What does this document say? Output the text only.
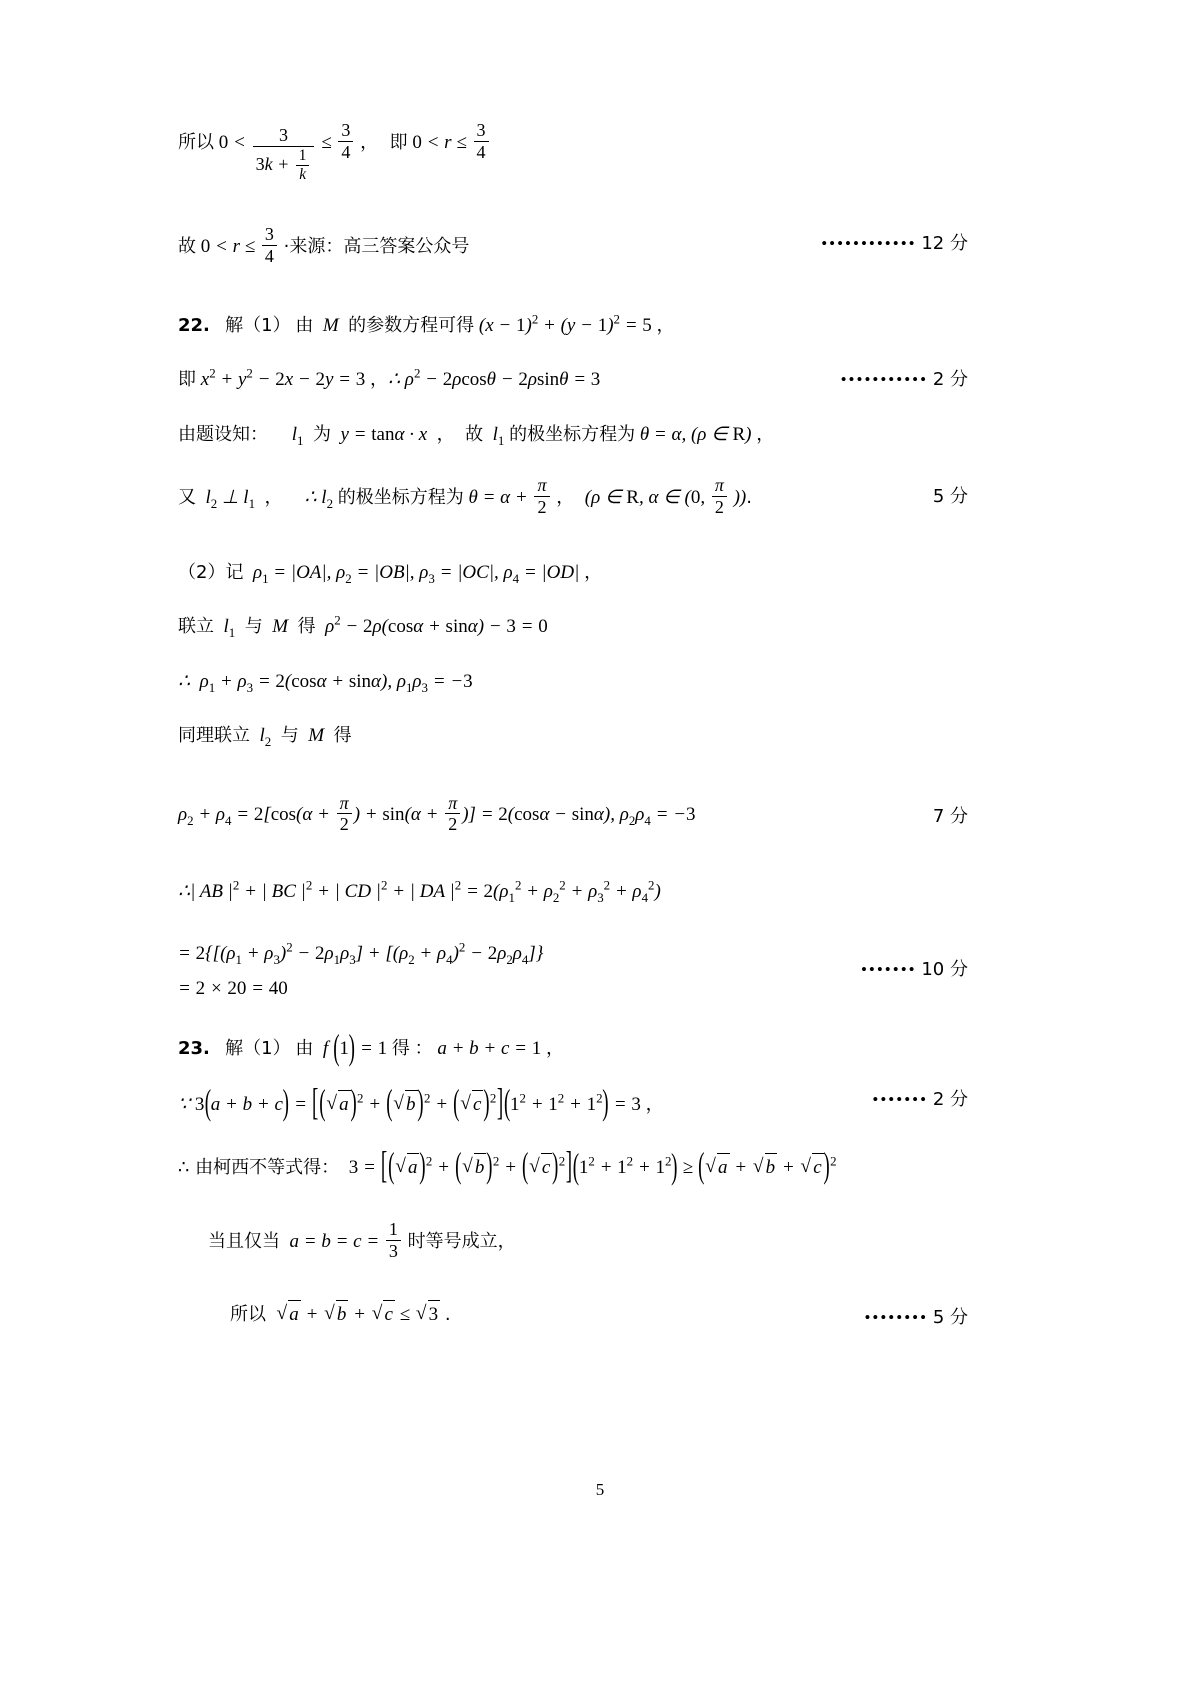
所以 $0 < \frac{3}{3k + \frac{1}{k}} \le \frac{3}{4}$ ，  即 $0 < r \le \frac{3}{4}$
故 $0 < r \le \frac{3}{4}$ ·来源：高三答案公众号	•••••••••••• 12 分
22. 解（1） 由  M  的参数方程可得 $(x - 1)^2 + (y - 1)^2 = 5$ ，
即 $x^2 + y^2 - 2x - 2y = 3$ ，∴ $\rho^2 - 2\rho\cos\theta - 2\rho\sin\theta = 3$	••••••••••• 2 分
由题设知：     $l_1$ 为  y = tanα · x  ，  故  $l_1$ 的极坐标方程为 θ = α, (ρ ∈ R) ，
又  $l_2$ ⊥ $l_1$ ，    ∴ $l_2$ 的极坐标方程为 $\theta = \alpha + \frac{\pi}{2}$ ，  (ρ ∈ R, α ∈ (0, $\frac{\pi}{2}$ )).	5 分
（2）记  $\rho_1 = |OA|$, $\rho_2 = |OB|$, $\rho_3 = |OC|$, $\rho_4 = |OD|$ ，
联立  $l_1$ 与  M  得  $\rho^2 - 2\rho(\cos\alpha + \sin\alpha) - 3 = 0$
∴  $\rho_1 + \rho_3 = 2(\cos\alpha + \sin\alpha)$, $\rho_1\rho_3 = -3$
同理联立  $l_2$ 与  M  得
$\rho_2 + \rho_4 = 2[\cos(\alpha + \frac{\pi}{2}$ ) + $\sin(\alpha + \frac{\pi}{2}$ )] = 2(cosα − sinα), $\rho_2\rho_4 = -3$	7 分
∴| AB $|^2$ + | BC $|^2$ + | CD $|^2$ + | DA $|^2 = 2(\rho_1^2 + \rho_2^2 + \rho_3^2 + \rho_4^2)$
= $2\{[(\rho_1 + \rho_3)^2 - 2\rho_1\rho_3] + [(\rho_2 + \rho_4)^2 - 2\rho_2\rho_4]\}$
••••••• 10 分
= 2 × 20 = 40
23. 解（1） 由  f ( 1 ) = 1 得 ： a + b + c = 1 ，
∵ 3 ( a + b + c ) = [ ( √ a ) $^2$ + ( √ b ) $^2$ + ( √ c ) $^2$ ] ( $1^2 + 1^2 + 1^2$ ) = 3 ，	••••••• 2 分
∴ 由柯西不等式得： 3 = [ ( √ a ) $^2$ + ( √ b ) $^2$ + ( √ c ) $^2$ ] ( $1^2 + 1^2 + 1^2$ ) ≥ ( √ a + √ b + √ c ) $^2$
当且仅当  $a = b = c = \frac{1}{3}$ 时等号成立，
所以 √ a + √ b + √ c ≤ √ 3 .	•••••••• 5 分
5
